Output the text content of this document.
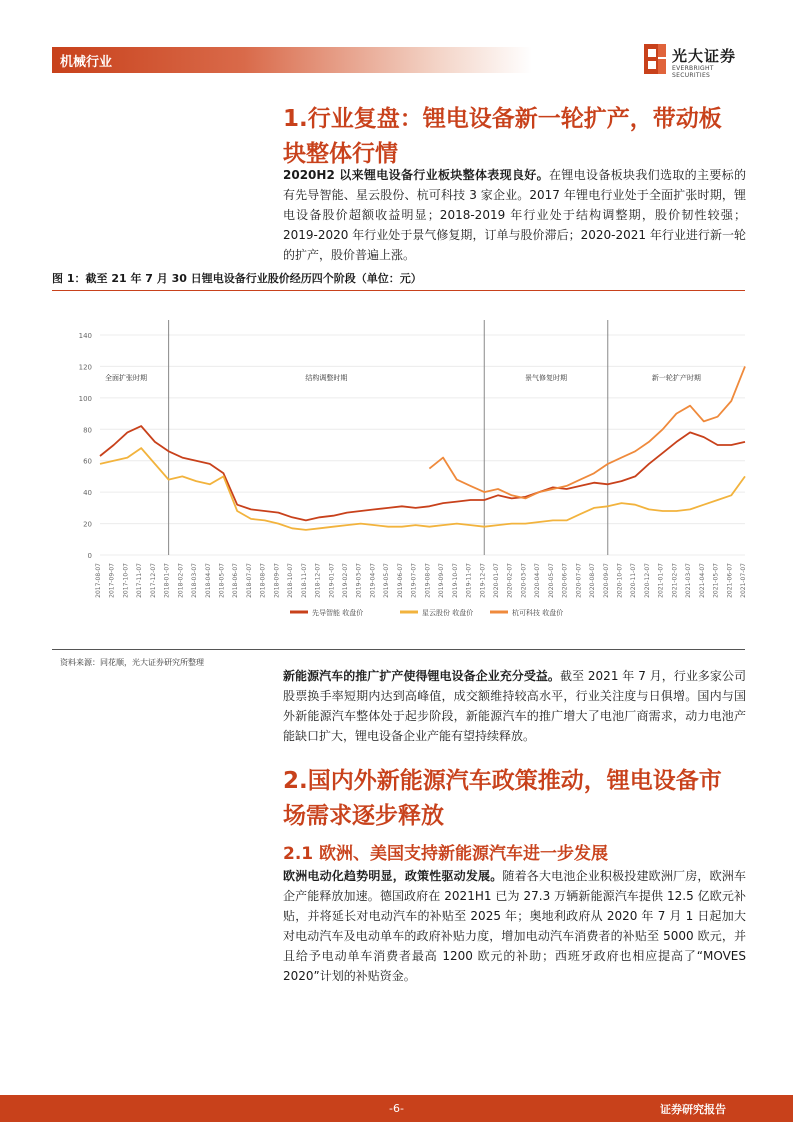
机械行业	光大证券
EVERBRIGHT SECURITIES
1.行业复盘：锂电设备新一轮扩产，带动板
块整体行情
2020H2 以来锂电设备行业板块整体表现良好。在锂电设备板块我们选取的主要标的有先导智能、星云股份、杭可科技 3 家企业。2017 年锂电行业处于全面扩张时期，锂电设备股价超额收益明显；2018-2019 年行业处于结构调整期，股价韧性较强；2019-2020 年行业处于景气修复期，订单与股价滞后；2020-2021 年行业进行新一轮的扩产，股价普遍上涨。
图 1：截至 21 年 7 月 30 日锂电设备行业股价经历四个阶段（单位：元）
全面扩张时期	结构调整时期	景气修复时期	新一轮扩产时期
0
20
40
60
80
100
120
140
2017-08-07 2017-09-07 2017-10-07 2017-11-07 2017-12-07 2018-01-07 2018-02-07 2018-03-07 2018-04-07 2018-05-07 2018-06-07 2018-07-07 2018-08-07 2018-09-07 2018-10-07 2018-11-07 2018-12-07 2019-01-07 2019-02-07 2019-03-07 2019-04-07 2019-05-07 2019-06-07 2019-07-07 2019-08-07 2019-09-07 2019-10-07 2019-11-07 2019-12-07 2020-01-07 2020-02-07 2020-03-07 2020-04-07 2020-05-07 2020-06-07 2020-07-07 2020-08-07 2020-09-07 2020-10-07 2020-11-07 2020-12-07 2021-01-07 2021-02-07 2021-03-07 2021-04-07 2021-05-07 2021-06-07 2021-07-07
先导智能 收盘价	星云股份 收盘价	杭可科技 收盘价
资料来源：同花顺，光大证券研究所整理
新能源汽车的推广扩产使得锂电设备企业充分受益。截至 2021 年 7 月，行业多家公司股票换手率短期内达到高峰值，成交额维持较高水平，行业关注度与日俱增。国内与国外新能源汽车整体处于起步阶段，新能源汽车的推广增大了电池厂商需求，动力电池产能缺口扩大，锂电设备企业产能有望持续释放。
2.国内外新能源汽车政策推动，锂电设备市
场需求逐步释放
2.1 欧洲、美国支持新能源汽车进一步发展
欧洲电动化趋势明显，政策性驱动发展。随着各大电池企业积极投建欧洲厂房，欧洲车企产能释放加速。德国政府在 2021H1 已为 27.3 万辆新能源汽车提供 12.5 亿欧元补贴，并将延长对电动汽车的补贴至 2025 年；奥地利政府从 2020 年 7 月 1 日起加大对电动汽车及电动单车的政府补贴力度，增加电动汽车消费者的补贴至 5000 欧元，并且给予电动单车消费者最高 1200 欧元的补助；西班牙政府也相应提高了“MOVES 2020”计划的补贴资金。
-6-	证券研究报告
